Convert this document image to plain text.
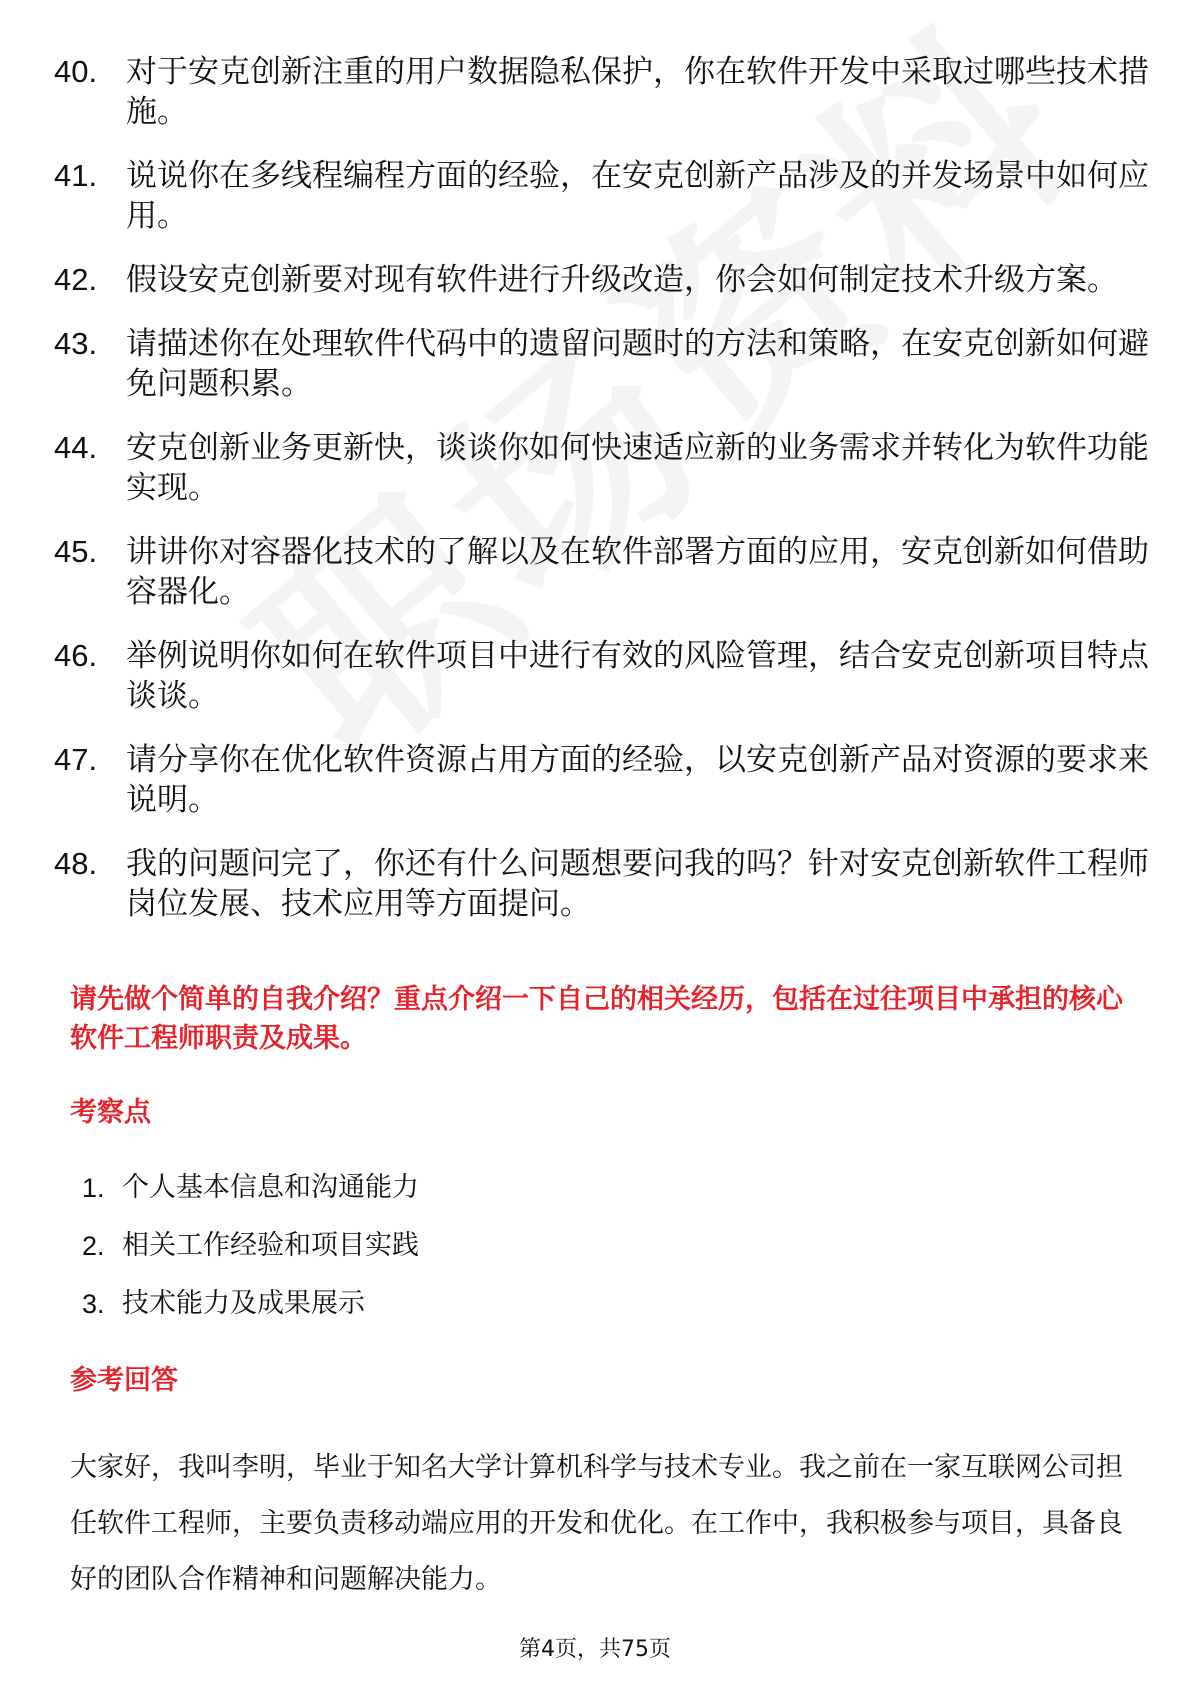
40. 对于安克创新注重的用户数据隐私保护，你在软件开发中采取过哪些技术措施。
41. 说说你在多线程编程方面的经验，在安克创新产品涉及的并发场景中如何应用。
42. 假设安克创新要对现有软件进行升级改造，你会如何制定技术升级方案。
43. 请描述你在处理软件代码中的遗留问题时的方法和策略，在安克创新如何避免问题积累。
44. 安克创新业务更新快，谈谈你如何快速适应新的业务需求并转化为软件功能实现。
45. 讲讲你对容器化技术的了解以及在软件部署方面的应用，安克创新如何借助容器化。
46. 举例说明你如何在软件项目中进行有效的风险管理，结合安克创新项目特点谈谈。
47. 请分享你在优化软件资源占用方面的经验，以安克创新产品对资源的要求来说明。
48. 我的问题问完了，你还有什么问题想要问我的吗？针对安克创新软件工程师岗位发展、技术应用等方面提问。

请先做个简单的自我介绍？重点介绍一下自己的相关经历，包括在过往项目中承担的核心软件工程师职责及成果。

考察点
1. 个人基本信息和沟通能力
2. 相关工作经验和项目实践
3. 技术能力及成果展示
参考回答

大家好，我叫李明，毕业于知名大学计算机科学与技术专业。我之前在一家互联网公司担任软件工程师，主要负责移动端应用的开发和优化。在工作中，我积极参与项目，具备良好的团队合作精神和问题解决能力。

第4页，共75页
